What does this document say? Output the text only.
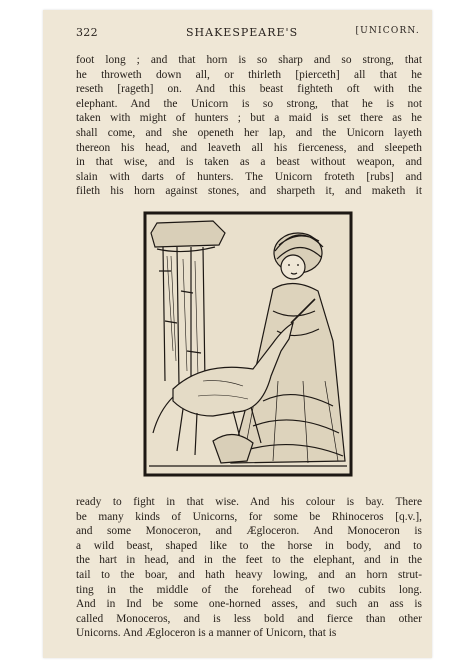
322	SHAKESPEARE'S	[UNICORN.
foot long ; and that horn is so sharp and so strong, that
he throweth down all, or thirleth [pierceth] all that he
reseth [rageth] on. And this beast fighteth oft with the
elephant. And the Unicorn is so strong, that he is not
taken with might of hunters ; but a maid is set there as he
shall come, and she openeth her lap, and the Unicorn layeth
thereon his head, and leaveth all his fierceness, and sleepeth
in that wise, and is taken as a beast without weapon, and
slain with darts of hunters. The Unicorn froteth [rubs] and
fileth his horn against stones, and sharpeth it, and maketh it
ready to fight in that wise. And his colour is bay. There
be many kinds of Unicorns, for some be Rhinoceros [q.v.],
and some Monoceron, and Ægloceron. And Monoceron is
a wild beast, shaped like to the horse in body, and to
the hart in head, and in the feet to the elephant, and in the
tail to the boar, and hath heavy lowing, and an horn strut-
ting in the middle of the forehead of two cubits long.
And in Ind be some one-horned asses, and such an ass is
called Monoceros, and is less bold and fierce than other
Unicorns. And Ægloceron is a manner of Unicorn, that is
